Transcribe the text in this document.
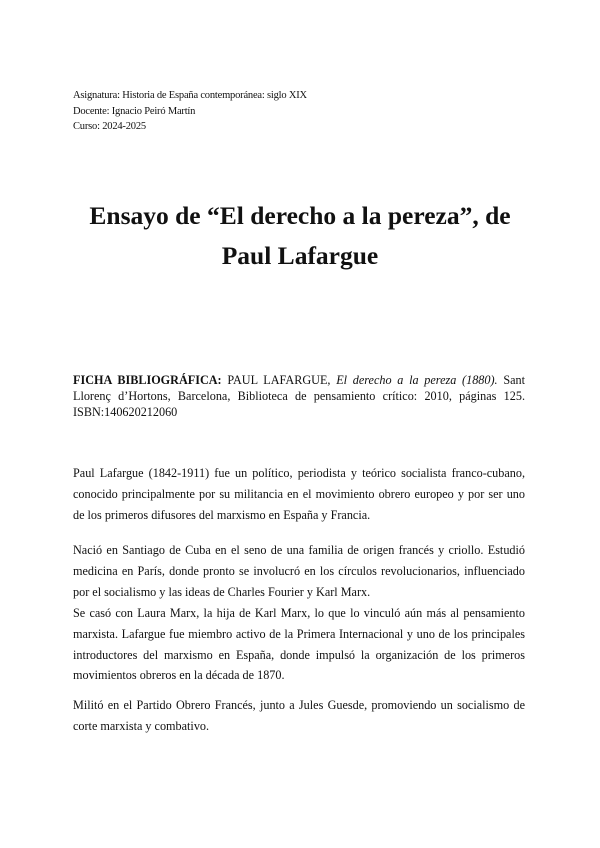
Asignatura: Historia de España contemporánea: siglo XIX
Docente: Ignacio Peiró Martín
Curso: 2024-2025
Ensayo de “El derecho a la pereza”, de
Paul Lafargue
FICHA BIBLIOGRÁFICA: PAUL LAFARGUE, El derecho a la pereza (1880). Sant Llorenç d’Hortons, Barcelona, Biblioteca de pensamiento crítico: 2010, páginas 125. ISBN:140620212060
Paul Lafargue (1842-1911) fue un político, periodista y teórico socialista franco-cubano, conocido principalmente por su militancia en el movimiento obrero europeo y por ser uno de los primeros difusores del marxismo en España y Francia.
Nació en Santiago de Cuba en el seno de una familia de origen francés y criollo. Estudió medicina en París, donde pronto se involucró en los círculos revolucionarios, influenciado por el socialismo y las ideas de Charles Fourier y Karl Marx.
Se casó con Laura Marx, la hija de Karl Marx, lo que lo vinculó aún más al pensamiento marxista. Lafargue fue miembro activo de la Primera Internacional y uno de los principales introductores del marxismo en España, donde impulsó la organización de los primeros movimientos obreros en la década de 1870.
Militó en el Partido Obrero Francés, junto a Jules Guesde, promoviendo un socialismo de corte marxista y combativo.
